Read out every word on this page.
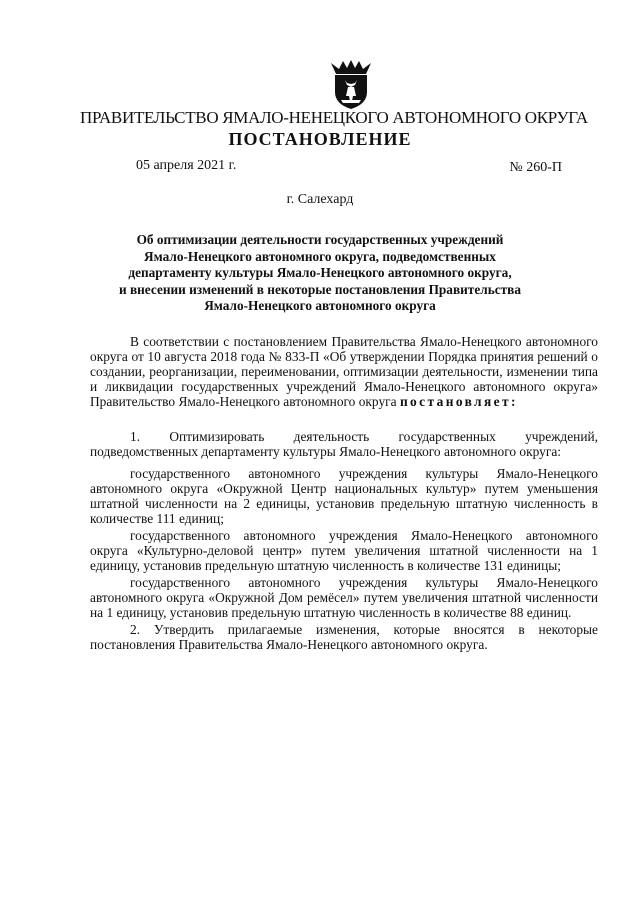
ПРАВИТЕЛЬСТВО ЯМАЛО-НЕНЕЦКОГО АВТОНОМНОГО ОКРУГА
ПОСТАНОВЛЕНИЕ
05 апреля 2021 г.	№ 260-П
г. Салехард
Об оптимизации деятельности государственных учреждений
Ямало-Ненецкого автономного округа, подведомственных
департаменту культуры Ямало-Ненецкого автономного округа,
и внесении изменений в некоторые постановления Правительства
Ямало-Ненецкого автономного округа

В соответствии с постановлением Правительства Ямало-Ненецкого автономного округа от 10 августа 2018 года № 833-П «Об утверждении Порядка принятия решений о создании, реорганизации, переименовании, оптимизации деятельности, изменении типа и ликвидации государственных учреждений Ямало-Ненецкого автономного округа» Правительство Ямало-Ненецкого автономного округа постановляет:

1. Оптимизировать деятельность государственных учреждений, подведомственных департаменту культуры Ямало-Ненецкого автономного округа:

государственного автономного учреждения культуры Ямало-Ненецкого автономного округа «Окружной Центр национальных культур» путем уменьшения штатной численности на 2 единицы, установив предельную штатную численность в количестве 111 единиц;

государственного автономного учреждения Ямало-Ненецкого автономного округа «Культурно-деловой центр» путем увеличения штатной численности на 1 единицу, установив предельную штатную численность в количестве 131 единицы;

государственного автономного учреждения культуры Ямало-Ненецкого автономного округа «Окружной Дом ремёсел» путем увеличения штатной численности на 1 единицу, установив предельную штатную численность в количестве 88 единиц.

2. Утвердить прилагаемые изменения, которые вносятся в некоторые постановления Правительства Ямало-Ненецкого автономного округа.
